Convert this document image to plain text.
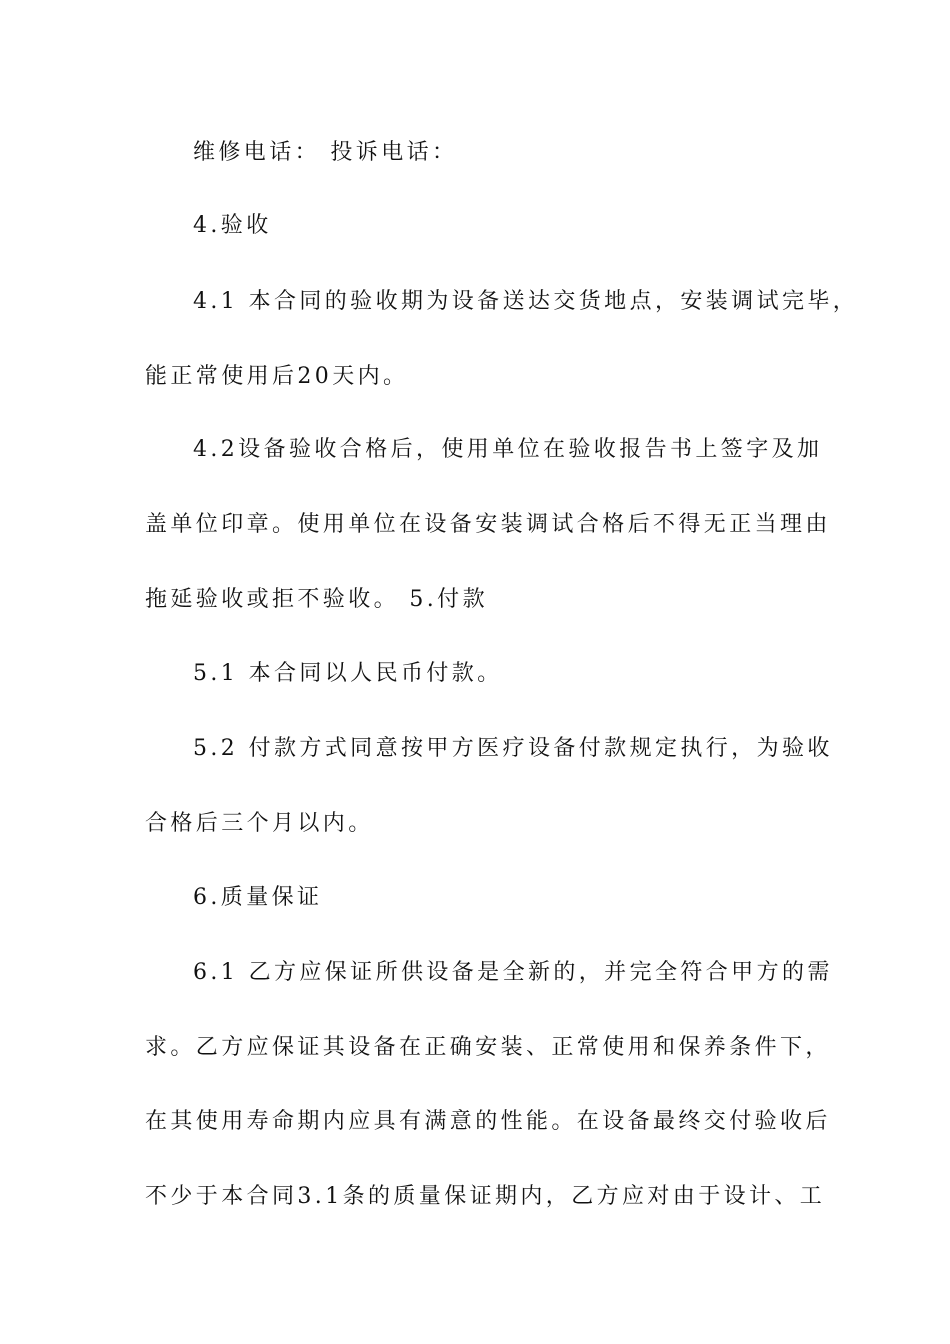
维修电话： 投诉电话：
4.验收
4.1 本合同的验收期为设备送达交货地点，安装调试完毕，
能正常使用后20天内。
4.2设备验收合格后，使用单位在验收报告书上签字及加
盖单位印章。使用单位在设备安装调试合格后不得无正当理由
拖延验收或拒不验收。 5.付款
5.1 本合同以人民币付款。
5.2 付款方式同意按甲方医疗设备付款规定执行，为验收
合格后三个月以内。
6.质量保证
6.1 乙方应保证所供设备是全新的，并完全符合甲方的需
求。乙方应保证其设备在正确安装、正常使用和保养条件下，
在其使用寿命期内应具有满意的性能。在设备最终交付验收后
不少于本合同3.1条的质量保证期内，乙方应对由于设计、工
